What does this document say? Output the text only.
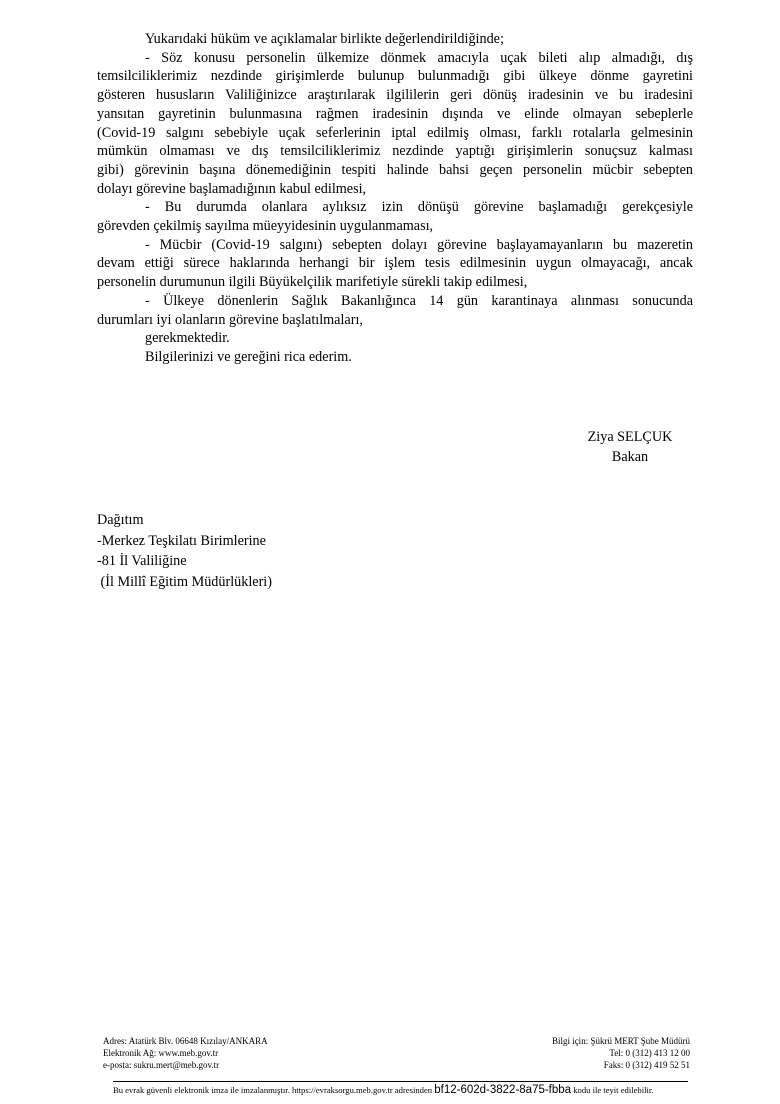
Yukarıdaki hüküm ve açıklamalar birlikte değerlendirildiğinde;
- Söz konusu personelin ülkemize dönmek amacıyla uçak bileti alıp almadığı, dış
temsilciliklerimiz nezdinde girişimlerde bulunup bulunmadığı gibi ülkeye dönme gayretini
gösteren hususların Valiliğinizce araştırılarak ilgililerin geri dönüş iradesinin ve bu iradesini
yansıtan gayretinin bulunmasına rağmen iradesinin dışında ve elinde olmayan sebeplerle
(Covid-19 salgını sebebiyle uçak seferlerinin iptal edilmiş olması, farklı rotalarla gelmesinin
mümkün olmaması ve dış temsilciliklerimiz nezdinde yaptığı girişimlerin sonuçsuz kalması
gibi) görevinin başına dönemediğinin tespiti halinde bahsi geçen personelin mücbir sebepten
dolayı görevine başlamadığının kabul edilmesi,
- Bu durumda olanlara aylıksız izin dönüşü görevine başlamadığı gerekçesiyle
görevden çekilmiş sayılma müeyyidesinin uygulanmaması,
- Mücbir (Covid-19 salgını) sebepten dolayı görevine başlayamayanların bu mazeretin
devam ettiği sürece haklarında herhangi bir işlem tesis edilmesinin uygun olmayacağı, ancak
personelin durumunun ilgili Büyükelçilik marifetiyle sürekli takip edilmesi,
- Ülkeye dönenlerin Sağlık Bakanlığınca 14 gün karantinaya alınması sonucunda
durumları iyi olanların görevine başlatılmaları,
gerekmektedir.
Bilgilerinizi ve gereğini rica ederim.
Ziya SELÇUK
Bakan
Dağıtım
-Merkez Teşkilatı Birimlerine
-81 İl Valiliğine
(İl Millî Eğitim Müdürlükleri)
Adres: Atatürk Blv. 06648 Kızılay/ANKARA
Elektronik Ağ: www.meb.gov.tr
e-posta: sukru.mert@meb.gov.tr
Bilgi için: Şükrü MERT Şube Müdürü
Tel: 0 (312) 413 12 00
Faks: 0 (312) 419 52 51
Bu evrak güvenli elektronik imza ile imzalanmıştır. https://evraksorgu.meb.gov.tr adresinden bf12-602d-3822-8a75-fbba kodu ile teyit edilebilir.
